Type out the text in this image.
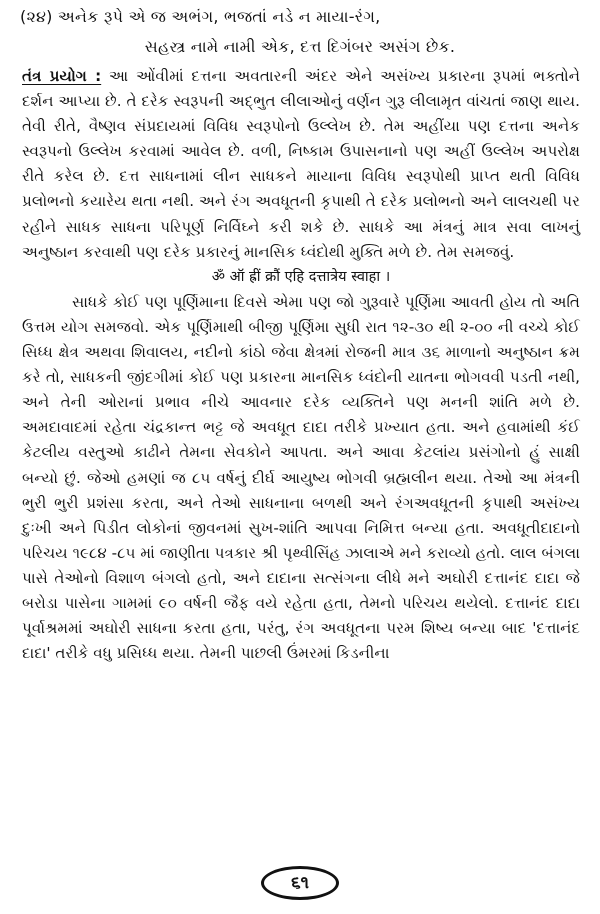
(૨૪) અનેક રૂપે એ જ અભંગ, ભજતાં નડે ન માયા-રંગ,
સહસ્ત્ર નામે નામી એક, દત્ત દિગંબર અસંગ છેક.

તંત્ર પ્રયોગ : આ ઓંવીમાં દત્તના અવતારની અંદર એને અસંખ્ય પ્રકારના રૂપમાં ભક્તોને દર્શન આપ્યા છે. તે દરેક સ્વરૂપની અદ્ભુત લીલાઓનું વર્ણન ગુરૂ લીલામૃત વાંચતાં જાણ થાય. તેવી રીતે, વૈષ્ણવ સંપ્રદાયમાં વિવિધ સ્વરૂપોનો ઉલ્લેખ છે. તેમ અહીંયા પણ દત્તના અનેક સ્વરૂપનો ઉલ્લેખ કરવામાં આવેલ છે. વળી, નિષ્કામ ઉપાસનાનો પણ અહીં ઉલ્લેખ અપરોક્ષ રીતે કરેલ છે. દત્ત સાધનામાં લીન સાધકને માયાના વિવિધ સ્વરૂપોથી પ્રાપ્ત થતી વિવિધ પ્રલોભનો કયારેય થતા નથી. અને રંગ અવધૂતની કૃપાથી તે દરેક પ્રલોભનો અને લાલચથી પર રહીને સાધક સાધના પરિપૂર્ણ નિર્વિઘ્ને કરી શકે છે. સાધકે આ મંત્રનું માત્ર સવા લાખનું અનુષ્ઠાન કરવાથી પણ દરેક પ્રકારનું માનસિક ધ્વંદોથી મુક્તિ મળે છે. તેમ સમજવું.

ॐ ऑ ह्रीं क्रौं एहि दत्तात्रेय स्वाहा ।

સાધકે કોઈ પણ પૂર્ણિમાના દિવસે એમા પણ જો ગુરૂવારે પૂર્ણિમા આવતી હોય તો અતિ ઉત્તમ યોગ સમજવો. એક પૂર્ણિમાથી બીજી પૂર્ણિમા સુધી રાત ૧૨-૩૦ થી ૨-૦૦ ની વચ્ચે કોઈ સિધ્ધ ક્ષેત્ર અથવા શિવાલય, નદીનો કાંઠો જેવા ક્ષેત્રમાં રોજની માત્ર ૩૬ માળાનો અનુષ્ઠાન ક્રમ કરે તો, સાધકની જીંદગીમાં કોઈ પણ પ્રકારના માનસિક ધ્વંદોની યાતના ભોગવવી પડતી નથી, અને તેની ઓરાનાં પ્રભાવ નીચે આવનાર દરેક વ્યક્તિને પણ મનની શાંતિ મળે છે. અમદાવાદમાં રહેતા ચંદ્રકાન્ત ભટ્ટ જે અવધૂત દાદા તરીકે પ્રખ્યાત હતા. અને હવામાંથી કંઈ કેટલીય વસ્તુઓ કાઢીને તેમના સેવકોને આપતા. અને આવા કેટલાંય પ્રસંગોનો હું સાક્ષી બન્યો છું. જેઓ હમણાં જ ૮૫ વર્ષનું દીર્ઘ આયુષ્ય ભોગવી બ્રહ્મલીન થયા. તેઓ આ મંત્રની ભુરી ભુરી પ્રશંસા કરતા, અને તેઓ સાધનાના બળથી અને રંગઅવધૂતની કૃપાથી અસંખ્ય દુઃખી અને પિડીત લોકોનાં જીવનમાં સુખ-શાંતિ આપવા નિમિત્ત બન્યા હતા. અવધૂતીદાદાનો પરિચય ૧૯૮૪ -૮૫ માં જાણીતા પત્રકાર શ્રી પૃથ્વીસિંહ ઝાલાએ મને કરાવ્યો હતો. લાલ બંગલા પાસે તેઓનો વિશાળ બંગલો હતો, અને દાદાના સત્સંગના લીધે મને અઘોરી દત્તાનંદ દાદા જે બરોડા પાસેના ગામમાં ૯૦ વર્ષની જૈફ વયે રહેતા હતા, તેમનો પરિચય થયેલો. દત્તાનંદ દાદા પૂર્વાશ્રમમાં અઘોરી સાધના કરતા હતા, પરંતુ, રંગ અવધૂતના પરમ શિષ્ય બન્યા બાદ 'દત્તાનંદ દાદા' તરીકે વધુ પ્રસિધ્ધ થયા. તેમની પાછલી ઉંમરમાં કિડનીના

૬૧
